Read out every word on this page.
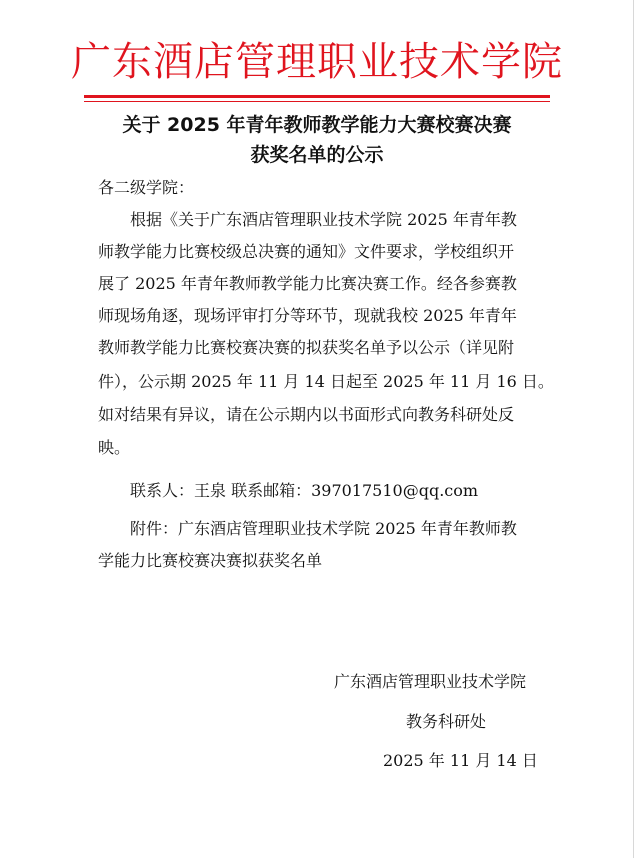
广东酒店管理职业技术学院
关于 2025 年青年教师教学能力大赛校赛决赛
获奖名单的公示
各二级学院：
根据《关于广东酒店管理职业技术学院 2025 年青年教
师教学能力比赛校级总决赛的通知》文件要求，学校组织开
展了 2025 年青年教师教学能力比赛决赛工作。经各参赛教
师现场角逐，现场评审打分等环节，现就我校 2025 年青年
教师教学能力比赛校赛决赛的拟获奖名单予以公示（详见附
件），公示期 2025 年 11 月 14 日起至 2025 年 11 月 16 日。
如对结果有异议，请在公示期内以书面形式向教务科研处反
映。
联系人：王泉 联系邮箱：397017510@qq.com
附件：广东酒店管理职业技术学院 2025 年青年教师教
学能力比赛校赛决赛拟获奖名单
广东酒店管理职业技术学院
教务科研处
2025 年 11 月 14 日
